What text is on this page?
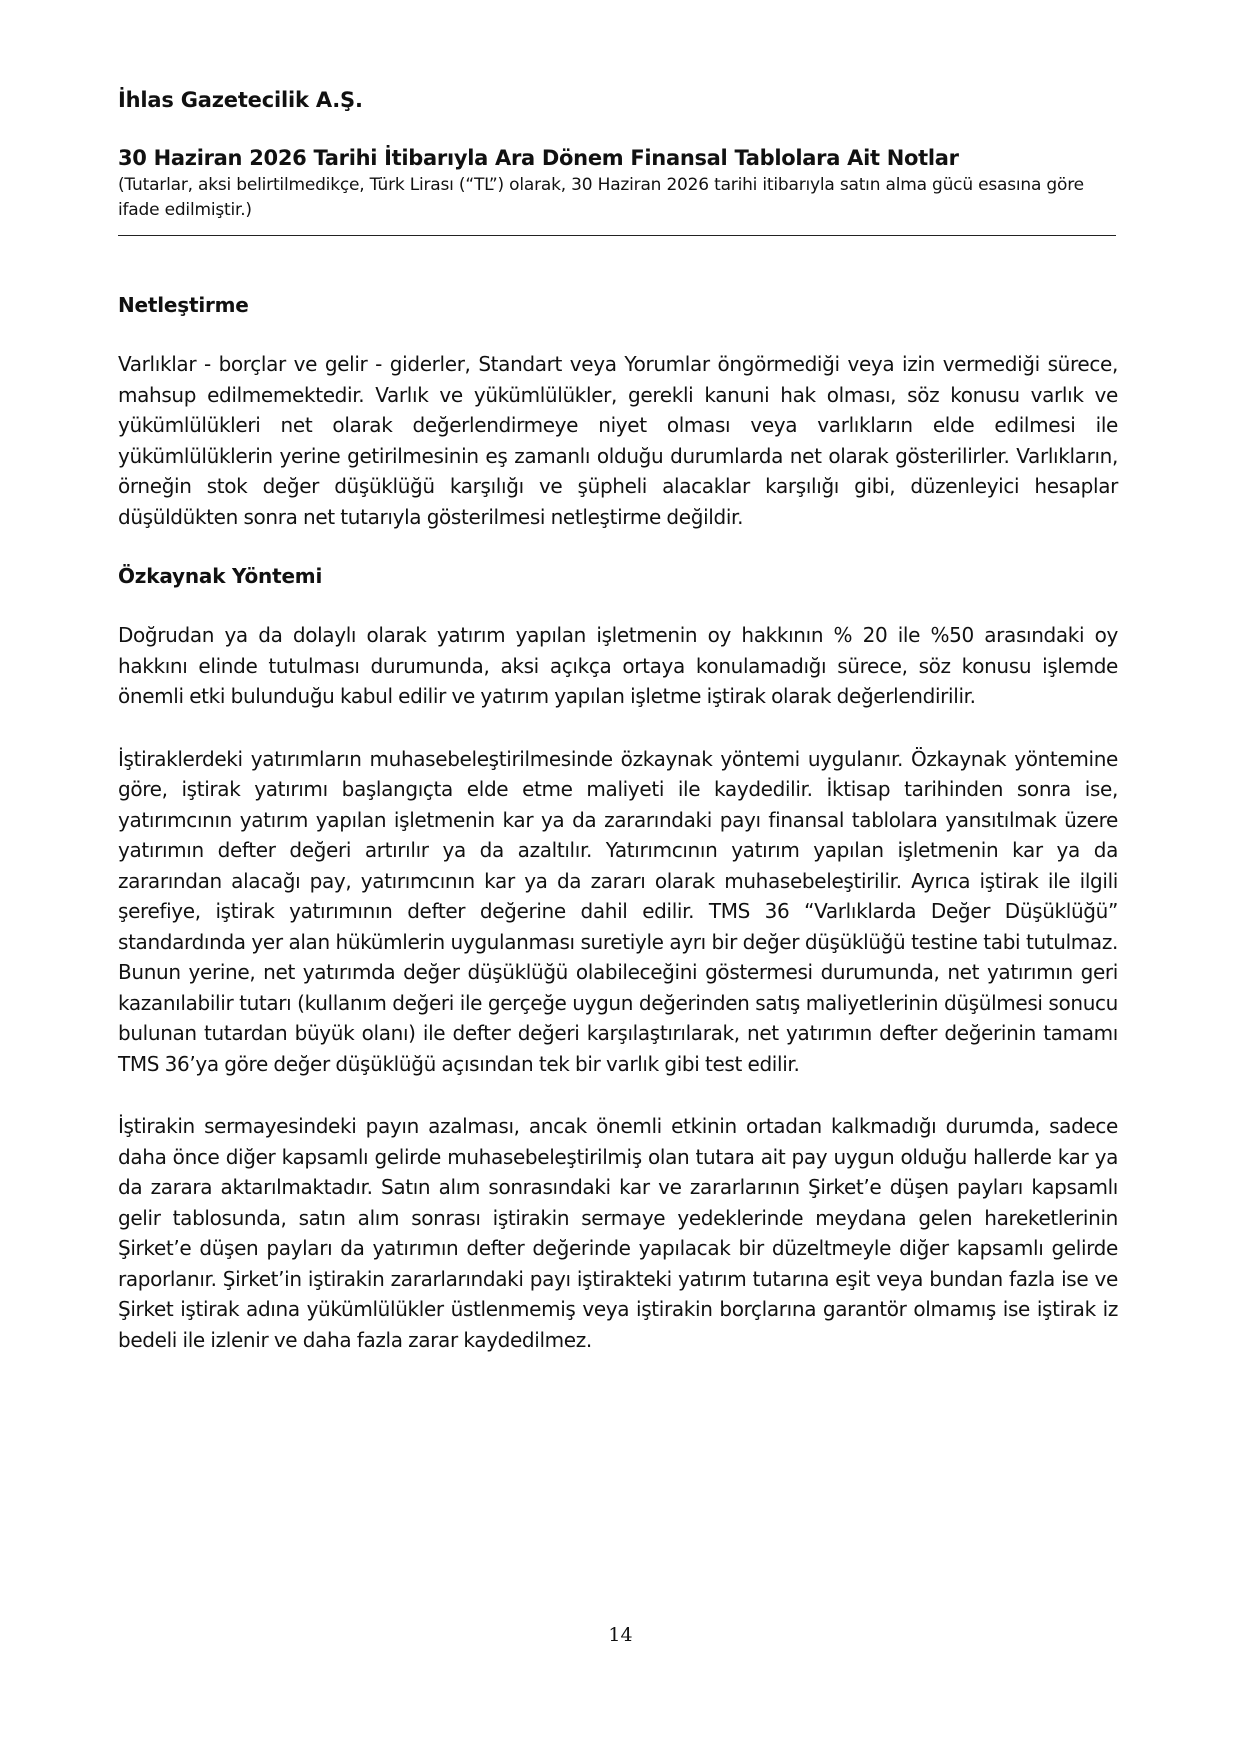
İhlas Gazetecilik A.Ş.
30 Haziran 2026 Tarihi İtibarıyla Ara Dönem Finansal Tablolara Ait Notlar
(Tutarlar, aksi belirtilmedikçe, Türk Lirası (“TL”) olarak, 30 Haziran 2026 tarihi itibarıyla satın alma gücü esasına göre ifade edilmiştir.)
Netleştirme

Varlıklar - borçlar ve gelir - giderler, Standart veya Yorumlar öngörmediği veya izin vermediği sürece, mahsup edilmemektedir. Varlık ve yükümlülükler, gerekli kanuni hak olması, söz konusu varlık ve yükümlülükleri net olarak değerlendirmeye niyet olması veya varlıkların elde edilmesi ile yükümlülüklerin yerine getirilmesinin eş zamanlı olduğu durumlarda net olarak gösterilirler. Varlıkların, örneğin stok değer düşüklüğü karşılığı ve şüpheli alacaklar karşılığı gibi, düzenleyici hesaplar düşüldükten sonra net tutarıyla gösterilmesi netleştirme değildir.

Özkaynak Yöntemi

Doğrudan ya da dolaylı olarak yatırım yapılan işletmenin oy hakkının % 20 ile %50 arasındaki oy hakkını elinde tutulması durumunda, aksi açıkça ortaya konulamadığı sürece, söz konusu işlemde önemli etki bulunduğu kabul edilir ve yatırım yapılan işletme iştirak olarak değerlendirilir.

İştiraklerdeki yatırımların muhasebeleştirilmesinde özkaynak yöntemi uygulanır. Özkaynak yöntemine göre, iştirak yatırımı başlangıçta elde etme maliyeti ile kaydedilir. İktisap tarihinden sonra ise, yatırımcının yatırım yapılan işletmenin kar ya da zararındaki payı finansal tablolara yansıtılmak üzere yatırımın defter değeri artırılır ya da azaltılır. Yatırımcının yatırım yapılan işletmenin kar ya da zararından alacağı pay, yatırımcının kar ya da zararı olarak muhasebeleştirilir. Ayrıca iştirak ile ilgili şerefiye, iştirak yatırımının defter değerine dahil edilir. TMS 36 “Varlıklarda Değer Düşüklüğü” standardında yer alan hükümlerin uygulanması suretiyle ayrı bir değer düşüklüğü testine tabi tutulmaz. Bunun yerine, net yatırımda değer düşüklüğü olabileceğini göstermesi durumunda, net yatırımın geri kazanılabilir tutarı (kullanım değeri ile gerçeğe uygun değerinden satış maliyetlerinin düşülmesi sonucu bulunan tutardan büyük olanı) ile defter değeri karşılaştırılarak, net yatırımın defter değerinin tamamı TMS 36’ya göre değer düşüklüğü açısından tek bir varlık gibi test edilir.

İştirakin sermayesindeki payın azalması, ancak önemli etkinin ortadan kalkmadığı durumda, sadece daha önce diğer kapsamlı gelirde muhasebeleştirilmiş olan tutara ait pay uygun olduğu hallerde kar ya da zarara aktarılmaktadır. Satın alım sonrasındaki kar ve zararlarının Şirket’e düşen payları kapsamlı gelir tablosunda, satın alım sonrası iştirakin sermaye yedeklerinde meydana gelen hareketlerinin Şirket’e düşen payları da yatırımın defter değerinde yapılacak bir düzeltmeyle diğer kapsamlı gelirde raporlanır. Şirket’in iştirakin zararlarındaki payı iştirakteki yatırım tutarına eşit veya bundan fazla ise ve Şirket iştirak adına yükümlülükler üstlenmemiş veya iştirakin borçlarına garantör olmamış ise iştirak iz bedeli ile izlenir ve daha fazla zarar kaydedilmez.

14
